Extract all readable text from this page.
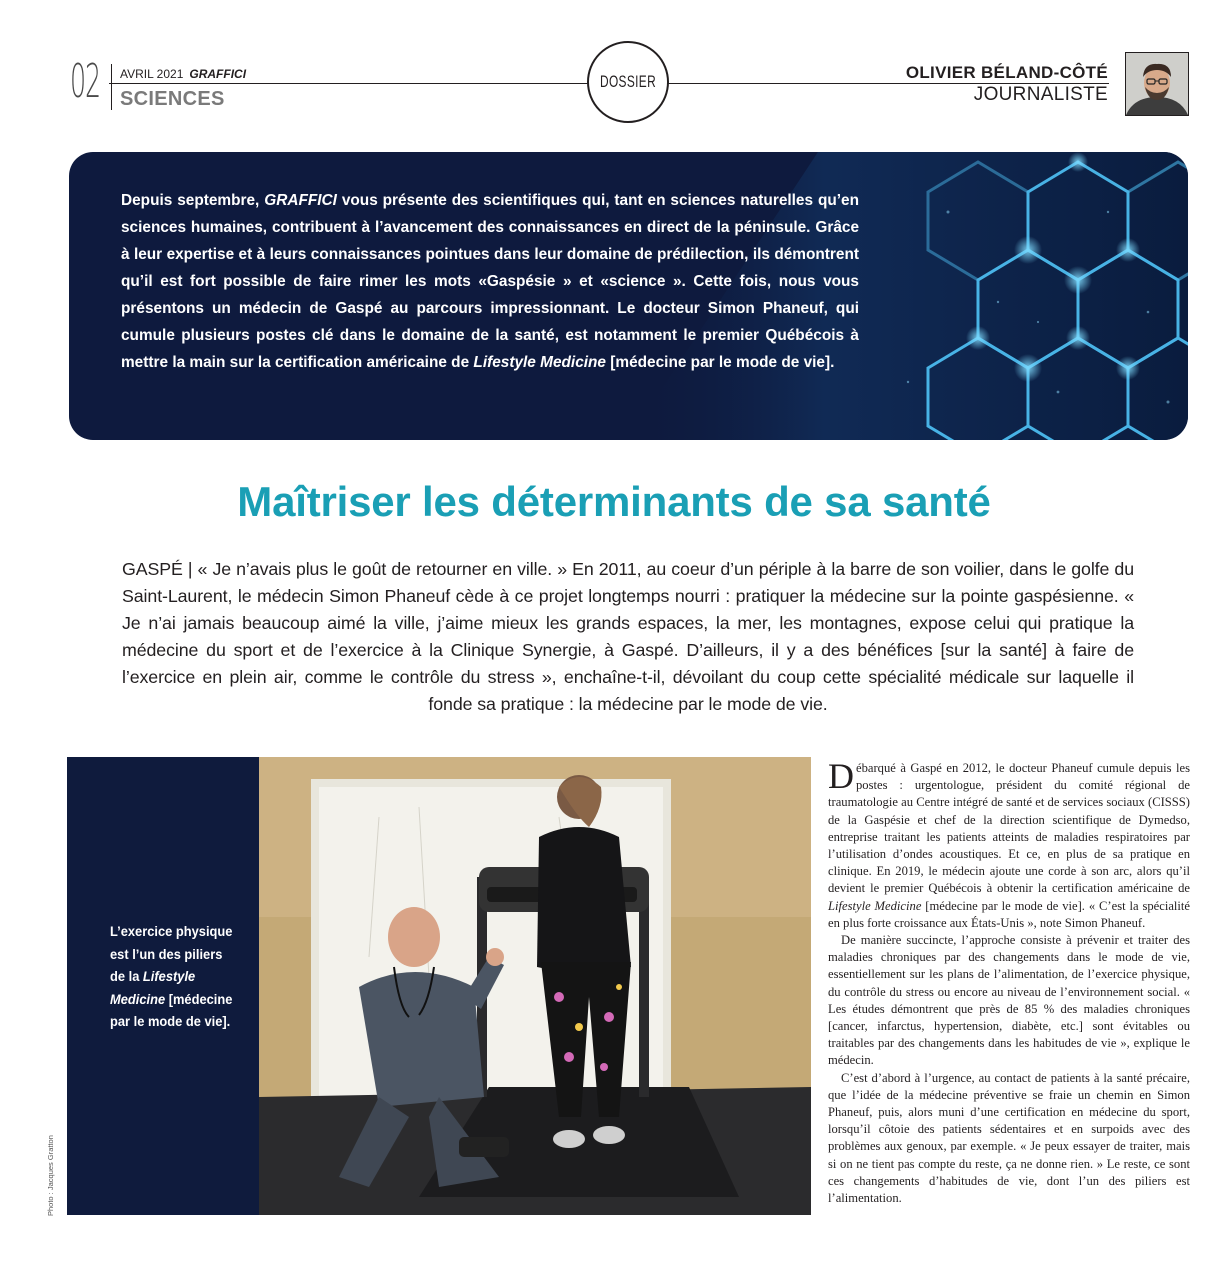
02 AVRIL 2021 GRAFFICI
SCIENCES
DOSSIER	OLIVIER BÉLAND-CÔTÉ
JOURNALISTE
Depuis septembre, GRAFFICI vous présente des scientifiques qui, tant en sciences naturelles qu’en sciences humaines, contribuent à l’avancement des connaissances en direct de la péninsule. Grâce à leur expertise et à leurs connaissances pointues dans leur domaine de prédilection, ils démontrent qu’il est fort possible de faire rimer les mots «Gaspésie » et «science ». Cette fois, nous vous présentons un médecin de Gaspé au parcours impressionnant. Le docteur Simon Phaneuf, qui cumule plusieurs postes clé dans le domaine de la santé, est notamment le premier Québécois à mettre la main sur la certification américaine de Lifestyle Medicine [médecine par le mode de vie].
Maîtriser les déterminants de sa santé
GASPÉ | « Je n’avais plus le goût de retourner en ville. » En 2011, au coeur d’un périple à la barre de son voilier, dans le golfe du Saint-Laurent, le médecin Simon Phaneuf cède à ce projet longtemps nourri : pratiquer la médecine sur la pointe gaspésienne. « Je n’ai jamais beaucoup aimé la ville, j’aime mieux les grands espaces, la mer, les montagnes, expose celui qui pratique la médecine du sport et de l’exercice à la Clinique Synergie, à Gaspé. D’ailleurs, il y a des bénéfices [sur la santé] à faire de l’exercice en plein air, comme le contrôle du stress », enchaîne-t-il, dévoilant du coup cette spécialité médicale sur laquelle il fonde sa pratique : la médecine par le mode de vie.
L’exercice physique est l’un des piliers de la Lifestyle Medicine [médecine par le mode de vie].
Photo : Jacques Gratton

Débarqué à Gaspé en 2012, le docteur Phaneuf cumule depuis les postes : urgentologue, président du comité régional de traumatologie au Centre intégré de santé et de services sociaux (CISSS) de la Gaspésie et chef de la direction scientifique de Dymedso, entreprise traitant les patients atteints de maladies respiratoires par l’utilisation d’ondes acoustiques. Et ce, en plus de sa pratique en clinique. En 2019, le médecin ajoute une corde à son arc, alors qu’il devient le premier Québécois à obtenir la certification américaine de Lifestyle Medicine [médecine par le mode de vie]. « C’est la spécialité en plus forte croissance aux États-Unis », note Simon Phaneuf.

De manière succincte, l’approche consiste à prévenir et traiter des maladies chroniques par des changements dans le mode de vie, essentiellement sur les plans de l’alimentation, de l’exercice physique, du contrôle du stress ou encore au niveau de l’environnement social. « Les études démontrent que près de 85 % des maladies chroniques [cancer, infarctus, hypertension, diabète, etc.] sont évitables ou traitables par des changements dans les habitudes de vie », explique le médecin.

C’est d’abord à l’urgence, au contact de patients à la santé précaire, que l’idée de la médecine préventive se fraie un chemin en Simon Phaneuf, puis, alors muni d’une certification en médecine du sport, lorsqu’il côtoie des patients sédentaires et en surpoids avec des problèmes aux genoux, par exemple. « Je peux essayer de traiter, mais si on ne tient pas compte du reste, ça ne donne rien. » Le reste, ce sont ces changements d’habitudes de vie, dont l’un des piliers est l’alimentation.
